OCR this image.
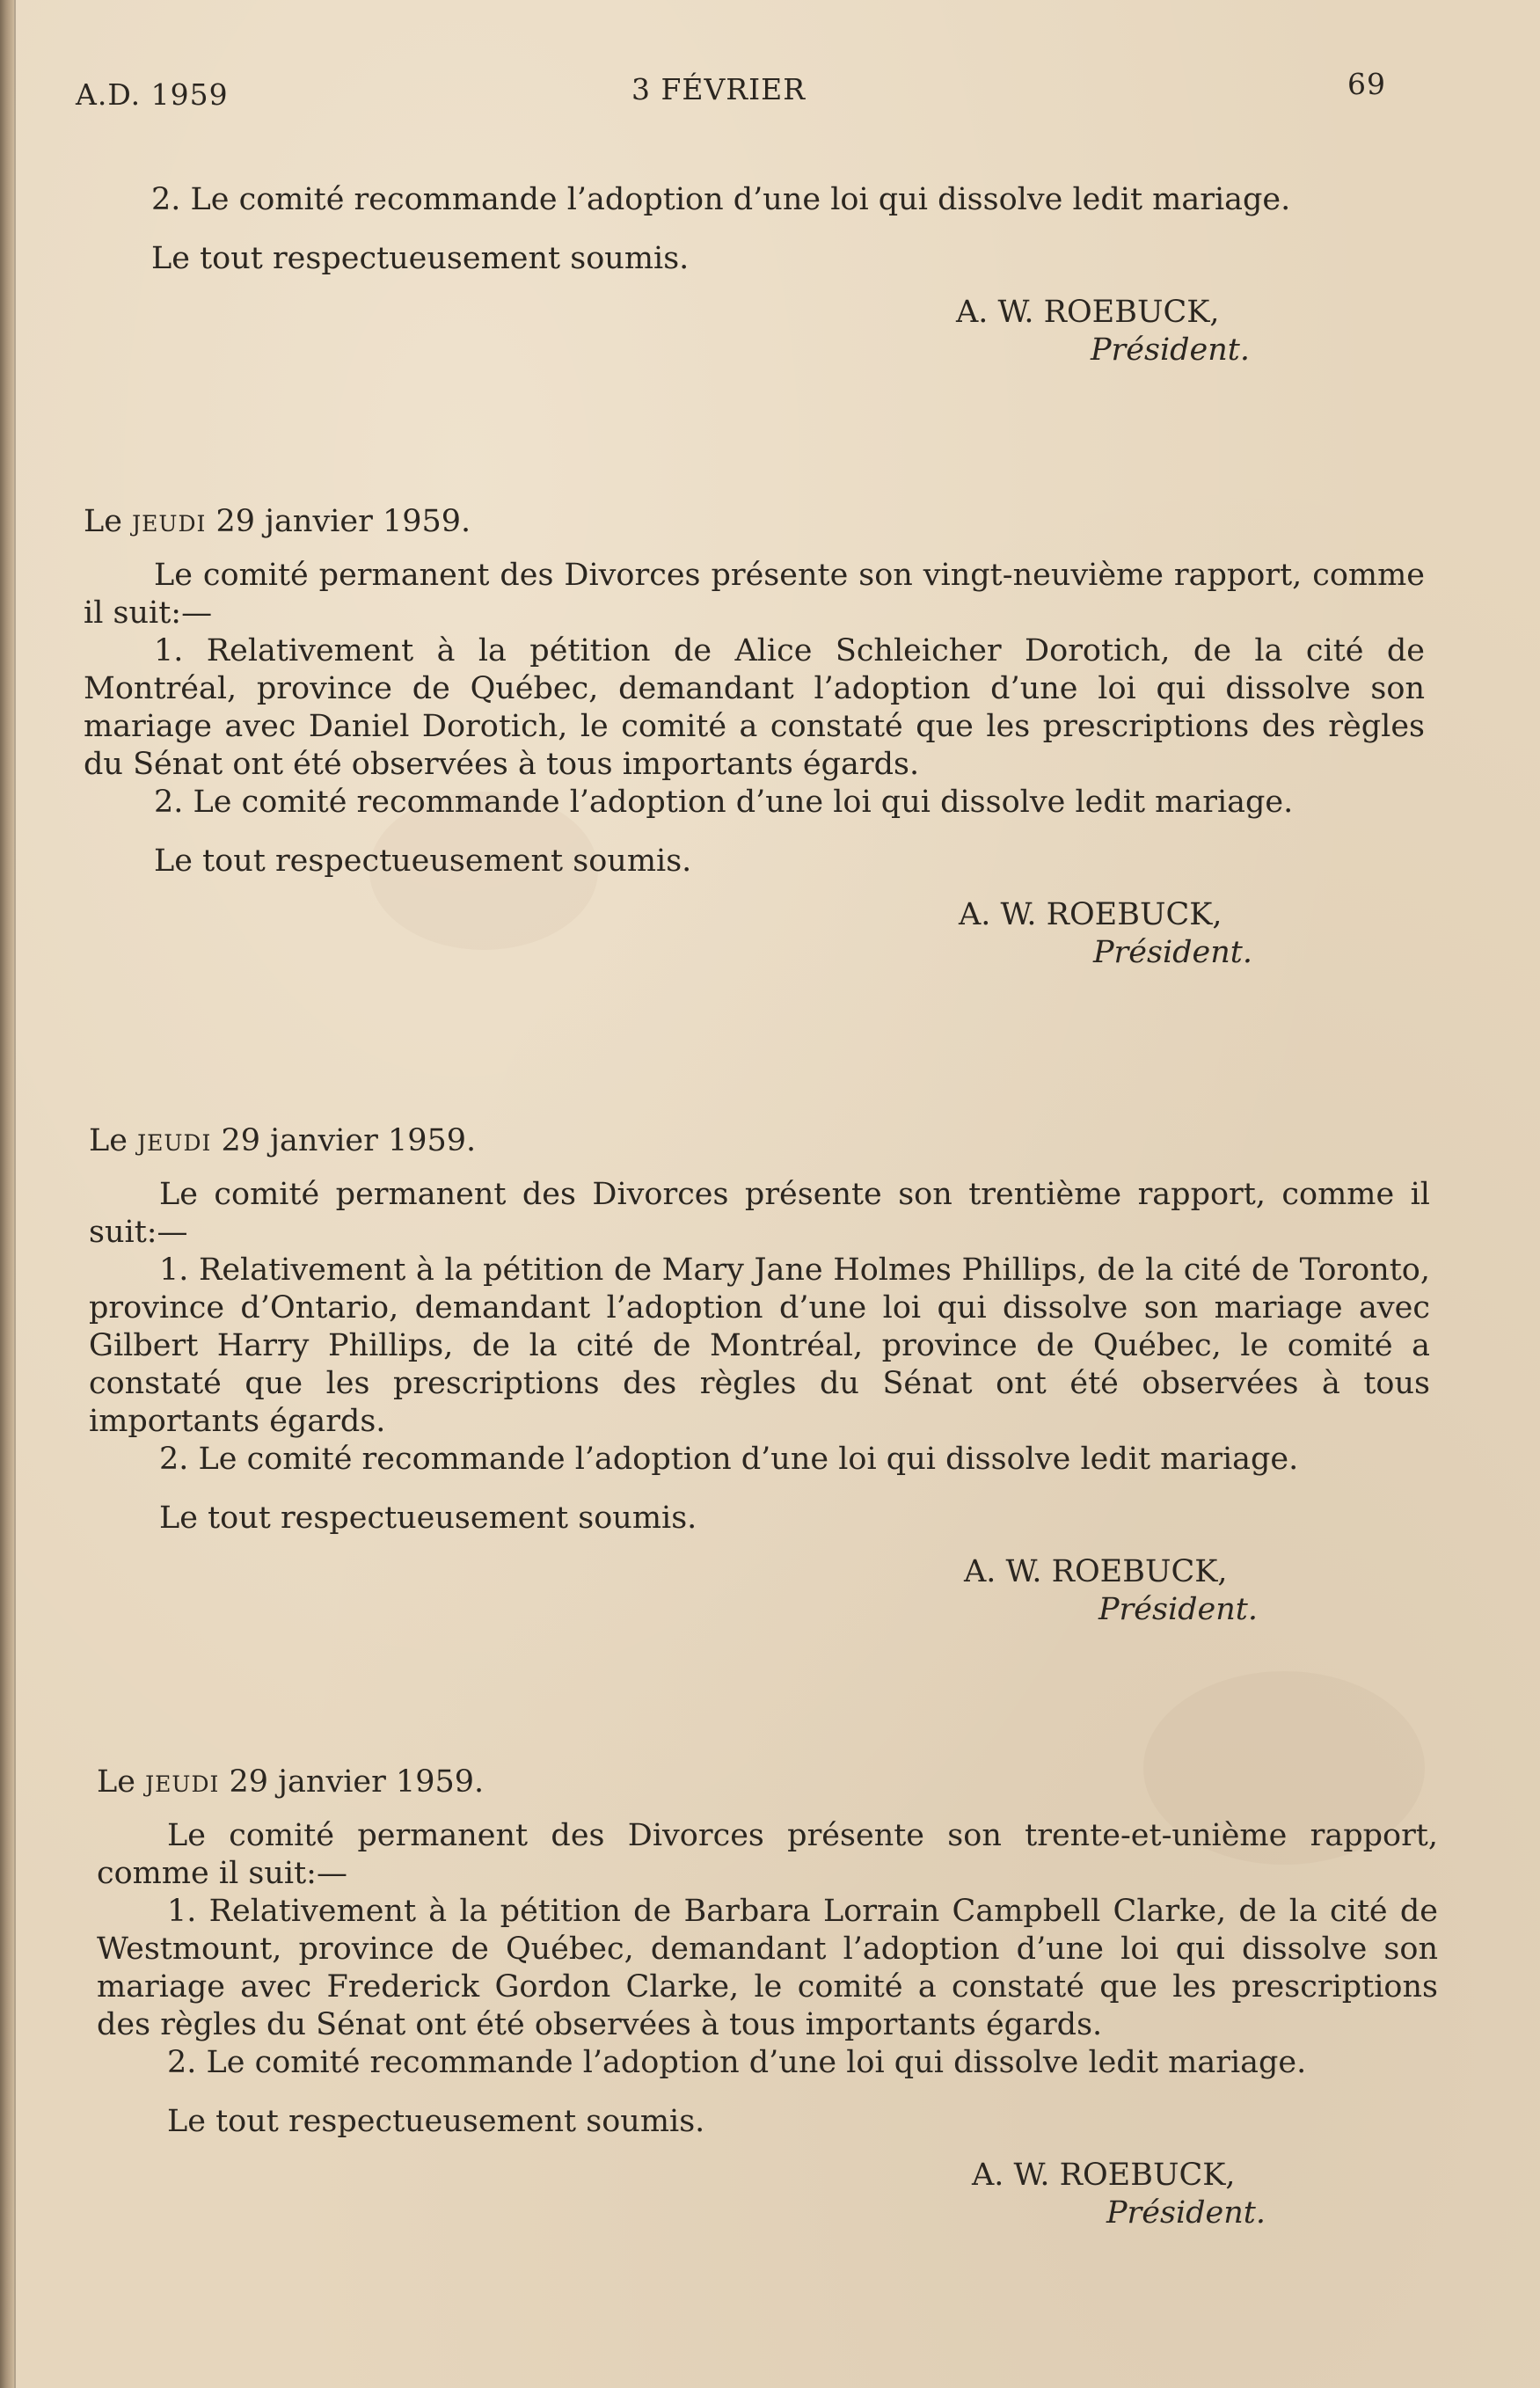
A.D. 1959	3 FÉVRIER	69

2. Le comité recommande l’adoption d’une loi qui dissolve ledit mariage.

Le tout respectueusement soumis.

A. W. ROEBUCK,

Président.

Le jeudi 29 janvier 1959.

Le comité permanent des Divorces présente son vingt-neuvième rapport, comme il suit:—

1. Relativement à la pétition de Alice Schleicher Dorotich, de la cité de Montréal, province de Québec, demandant l’adoption d’une loi qui dissolve son mariage avec Daniel Dorotich, le comité a constaté que les prescriptions des règles du Sénat ont été observées à tous importants égards.

2. Le comité recommande l’adoption d’une loi qui dissolve ledit mariage.

Le tout respectueusement soumis.

A. W. ROEBUCK,

Président.

Le jeudi 29 janvier 1959.

Le comité permanent des Divorces présente son trentième rapport, comme il suit:—

1. Relativement à la pétition de Mary Jane Holmes Phillips, de la cité de Toronto, province d’Ontario, demandant l’adoption d’une loi qui dissolve son mariage avec Gilbert Harry Phillips, de la cité de Montréal, province de Québec, le comité a constaté que les prescriptions des règles du Sénat ont été observées à tous importants égards.

2. Le comité recommande l’adoption d’une loi qui dissolve ledit mariage.

Le tout respectueusement soumis.

A. W. ROEBUCK,

Président.

Le jeudi 29 janvier 1959.

Le comité permanent des Divorces présente son trente-et-unième rapport, comme il suit:—

1. Relativement à la pétition de Barbara Lorrain Campbell Clarke, de la cité de Westmount, province de Québec, demandant l’adoption d’une loi qui dissolve son mariage avec Frederick Gordon Clarke, le comité a constaté que les prescriptions des règles du Sénat ont été observées à tous importants égards.

2. Le comité recommande l’adoption d’une loi qui dissolve ledit mariage.

Le tout respectueusement soumis.

A. W. ROEBUCK,

Président.
